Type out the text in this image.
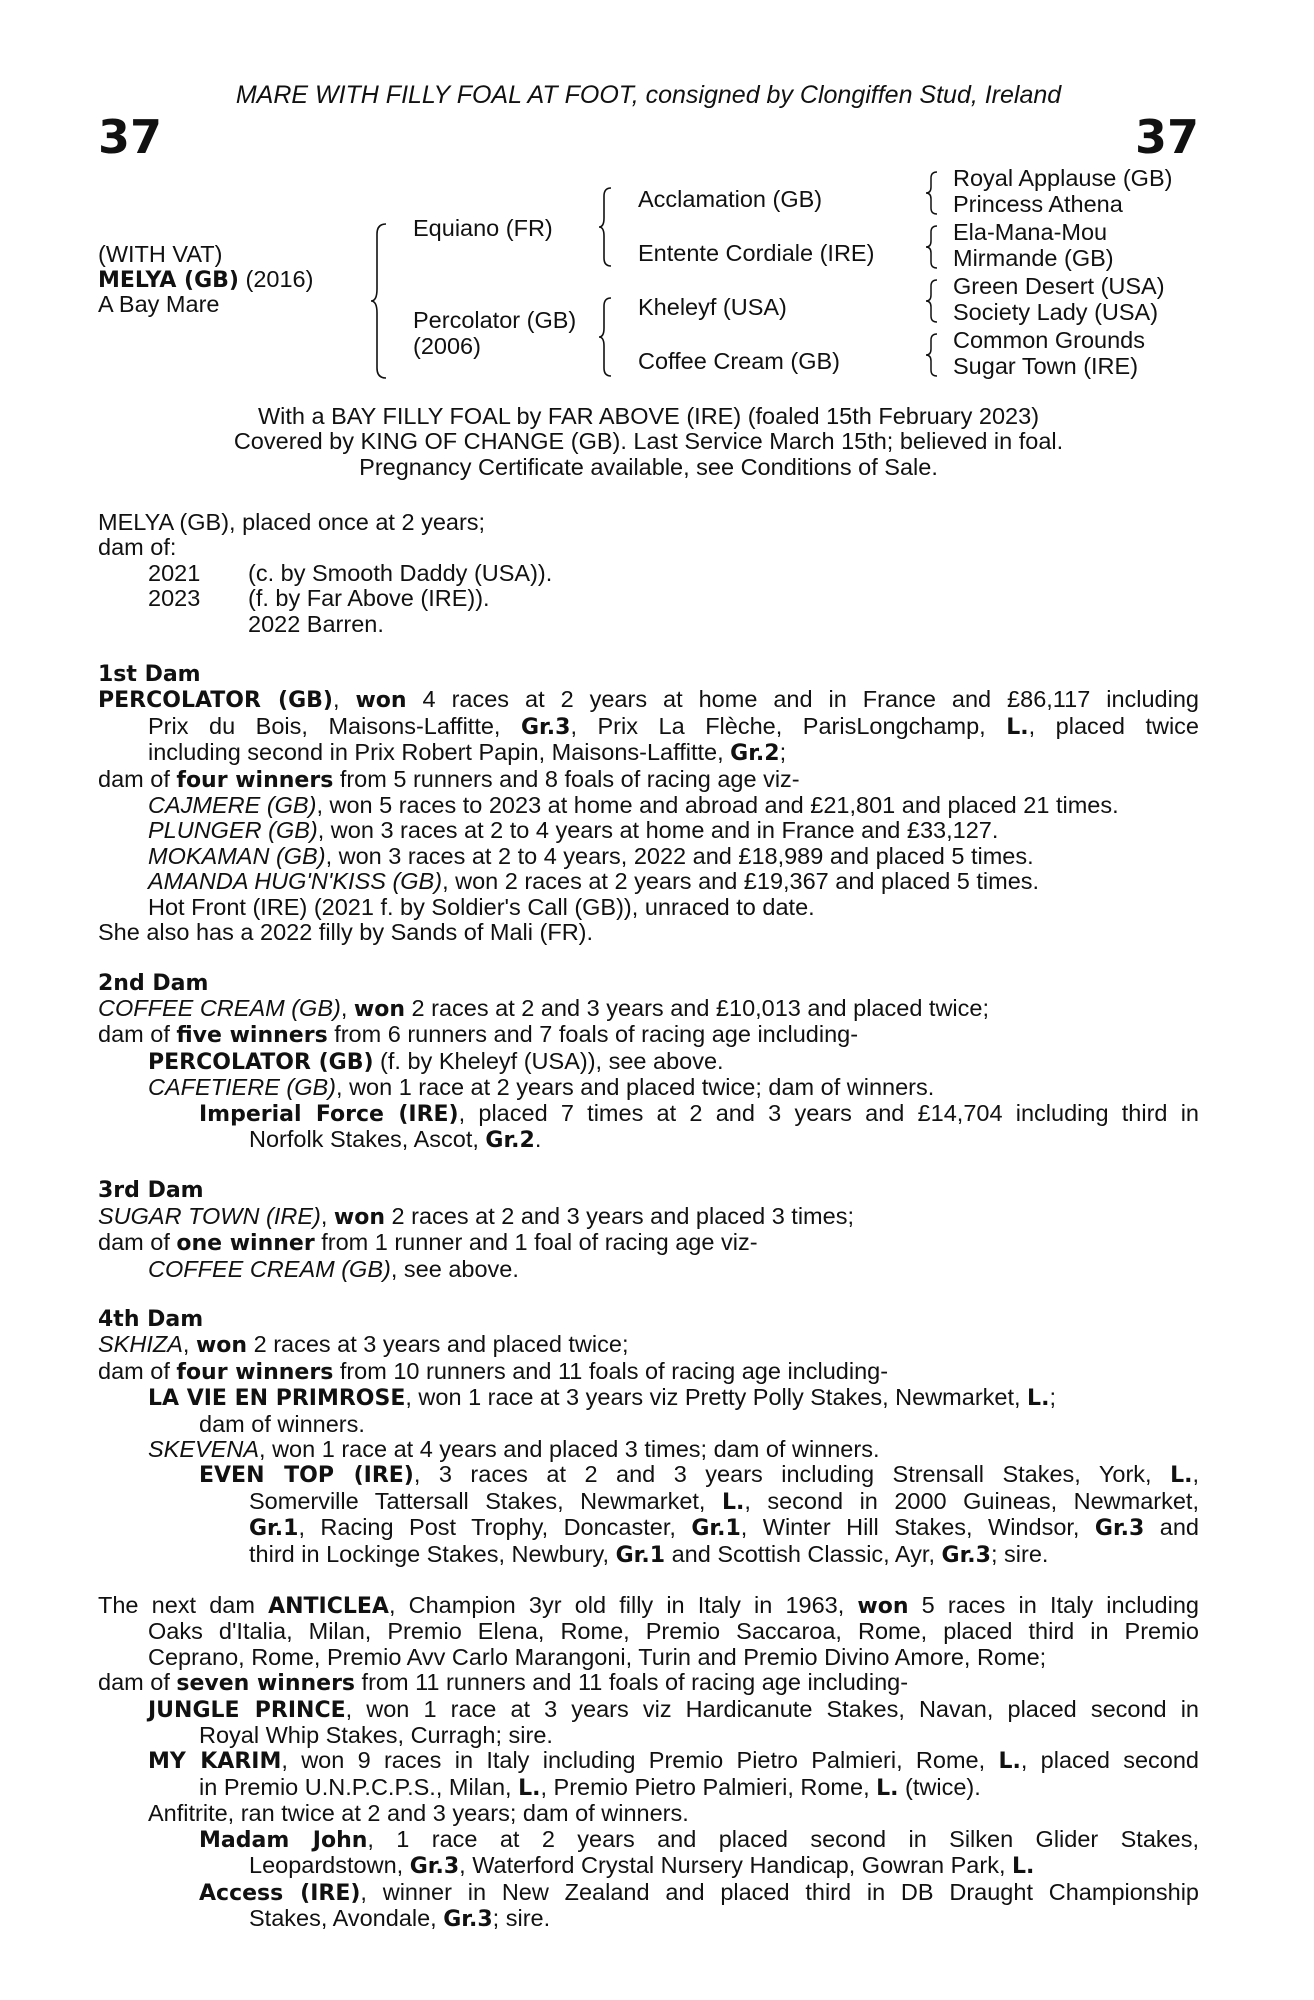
MARE WITH FILLY FOAL AT FOOT, consigned by Clongiffen Stud, Ireland
37	37
(WITH VAT)
MELYA (GB) (2016)
A Bay Mare
Equiano (FR)
Percolator (GB)
(2006)
Acclamation (GB)
Entente Cordiale (IRE)
Kheleyf (USA)
Coffee Cream (GB)
Royal Applause (GB)
Princess Athena
Ela-Mana-Mou
Mirmande (GB)
Green Desert (USA)
Society Lady (USA)
Common Grounds
Sugar Town (IRE)
With a BAY FILLY FOAL by FAR ABOVE (IRE) (foaled 15th February 2023)
Covered by KING OF CHANGE (GB). Last Service March 15th; believed in foal.
Pregnancy Certificate available, see Conditions of Sale.
MELYA (GB), placed once at 2 years;
dam of:
2021 (c. by Smooth Daddy (USA)).
2023 (f. by Far Above (IRE)).
2022 Barren.
1st Dam
PERCOLATOR (GB), won 4 races at 2 years at home and in France and £86,117 including
Prix du Bois, Maisons-Laffitte, Gr.3, Prix La Flèche, ParisLongchamp, L., placed twice
including second in Prix Robert Papin, Maisons-Laffitte, Gr.2;
dam of four winners from 5 runners and 8 foals of racing age viz-
CAJMERE (GB), won 5 races to 2023 at home and abroad and £21,801 and placed 21 times.
PLUNGER (GB), won 3 races at 2 to 4 years at home and in France and £33,127.
MOKAMAN (GB), won 3 races at 2 to 4 years, 2022 and £18,989 and placed 5 times.
AMANDA HUG'N'KISS (GB), won 2 races at 2 years and £19,367 and placed 5 times.
Hot Front (IRE) (2021 f. by Soldier's Call (GB)), unraced to date.
She also has a 2022 filly by Sands of Mali (FR).
2nd Dam
COFFEE CREAM (GB), won 2 races at 2 and 3 years and £10,013 and placed twice;
dam of five winners from 6 runners and 7 foals of racing age including-
PERCOLATOR (GB) (f. by Kheleyf (USA)), see above.
CAFETIERE (GB), won 1 race at 2 years and placed twice; dam of winners.
Imperial Force (IRE), placed 7 times at 2 and 3 years and £14,704 including third in
Norfolk Stakes, Ascot, Gr.2.
3rd Dam
SUGAR TOWN (IRE), won 2 races at 2 and 3 years and placed 3 times;
dam of one winner from 1 runner and 1 foal of racing age viz-
COFFEE CREAM (GB), see above.
4th Dam
SKHIZA, won 2 races at 3 years and placed twice;
dam of four winners from 10 runners and 11 foals of racing age including-
LA VIE EN PRIMROSE, won 1 race at 3 years viz Pretty Polly Stakes, Newmarket, L.;
dam of winners.
SKEVENA, won 1 race at 4 years and placed 3 times; dam of winners.
EVEN TOP (IRE), 3 races at 2 and 3 years including Strensall Stakes, York, L.,
Somerville Tattersall Stakes, Newmarket, L., second in 2000 Guineas, Newmarket,
Gr.1, Racing Post Trophy, Doncaster, Gr.1, Winter Hill Stakes, Windsor, Gr.3 and
third in Lockinge Stakes, Newbury, Gr.1 and Scottish Classic, Ayr, Gr.3; sire.
The next dam ANTICLEA, Champion 3yr old filly in Italy in 1963, won 5 races in Italy including
Oaks d'Italia, Milan, Premio Elena, Rome, Premio Saccaroa, Rome, placed third in Premio
Ceprano, Rome, Premio Avv Carlo Marangoni, Turin and Premio Divino Amore, Rome;
dam of seven winners from 11 runners and 11 foals of racing age including-
JUNGLE PRINCE, won 1 race at 3 years viz Hardicanute Stakes, Navan, placed second in
Royal Whip Stakes, Curragh; sire.
MY KARIM, won 9 races in Italy including Premio Pietro Palmieri, Rome, L., placed second
in Premio U.N.P.C.P.S., Milan, L., Premio Pietro Palmieri, Rome, L. (twice).
Anfitrite, ran twice at 2 and 3 years; dam of winners.
Madam John, 1 race at 2 years and placed second in Silken Glider Stakes,
Leopardstown, Gr.3, Waterford Crystal Nursery Handicap, Gowran Park, L.
Access (IRE), winner in New Zealand and placed third in DB Draught Championship
Stakes, Avondale, Gr.3; sire.
